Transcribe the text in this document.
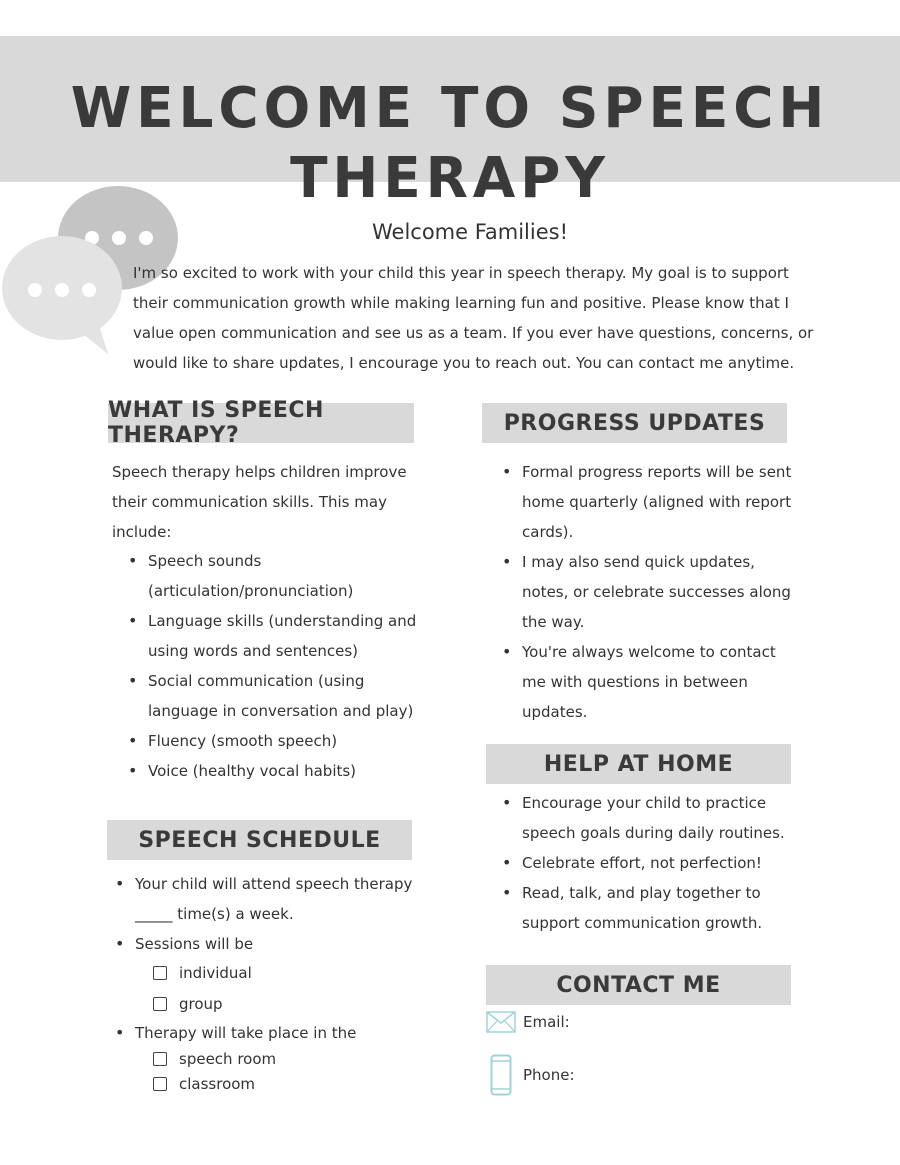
WELCOME TO SPEECH THERAPY
Welcome Families!

I'm so excited to work with your child this year in speech therapy. My goal is to support their communication growth while making learning fun and positive. Please know that I value open communication and see us as a team. If you ever have questions, concerns, or would like to share updates, I encourage you to reach out. You can contact me anytime.

WHAT IS SPEECH THERAPY?

Speech therapy helps children improve their communication skills. This may include:

• Speech sounds (articulation/pronunciation)
• Language skills (understanding and using words and sentences)
• Social communication (using language in conversation and play)
• Fluency (smooth speech)
• Voice (healthy vocal habits)
SPEECH SCHEDULE
• Your child will attend speech therapy _____ time(s) a week.
• Sessions will be
individual
group
• Therapy will take place in the
speech room
classroom
PROGRESS UPDATES
• Formal progress reports will be sent home quarterly (aligned with report cards).
• I may also send quick updates, notes, or celebrate successes along the way.
• You're always welcome to contact me with questions in between updates.
HELP AT HOME
• Encourage your child to practice speech goals during daily routines.
• Celebrate effort, not perfection!
• Read, talk, and play together to support communication growth.
CONTACT ME
Email:
Phone:
